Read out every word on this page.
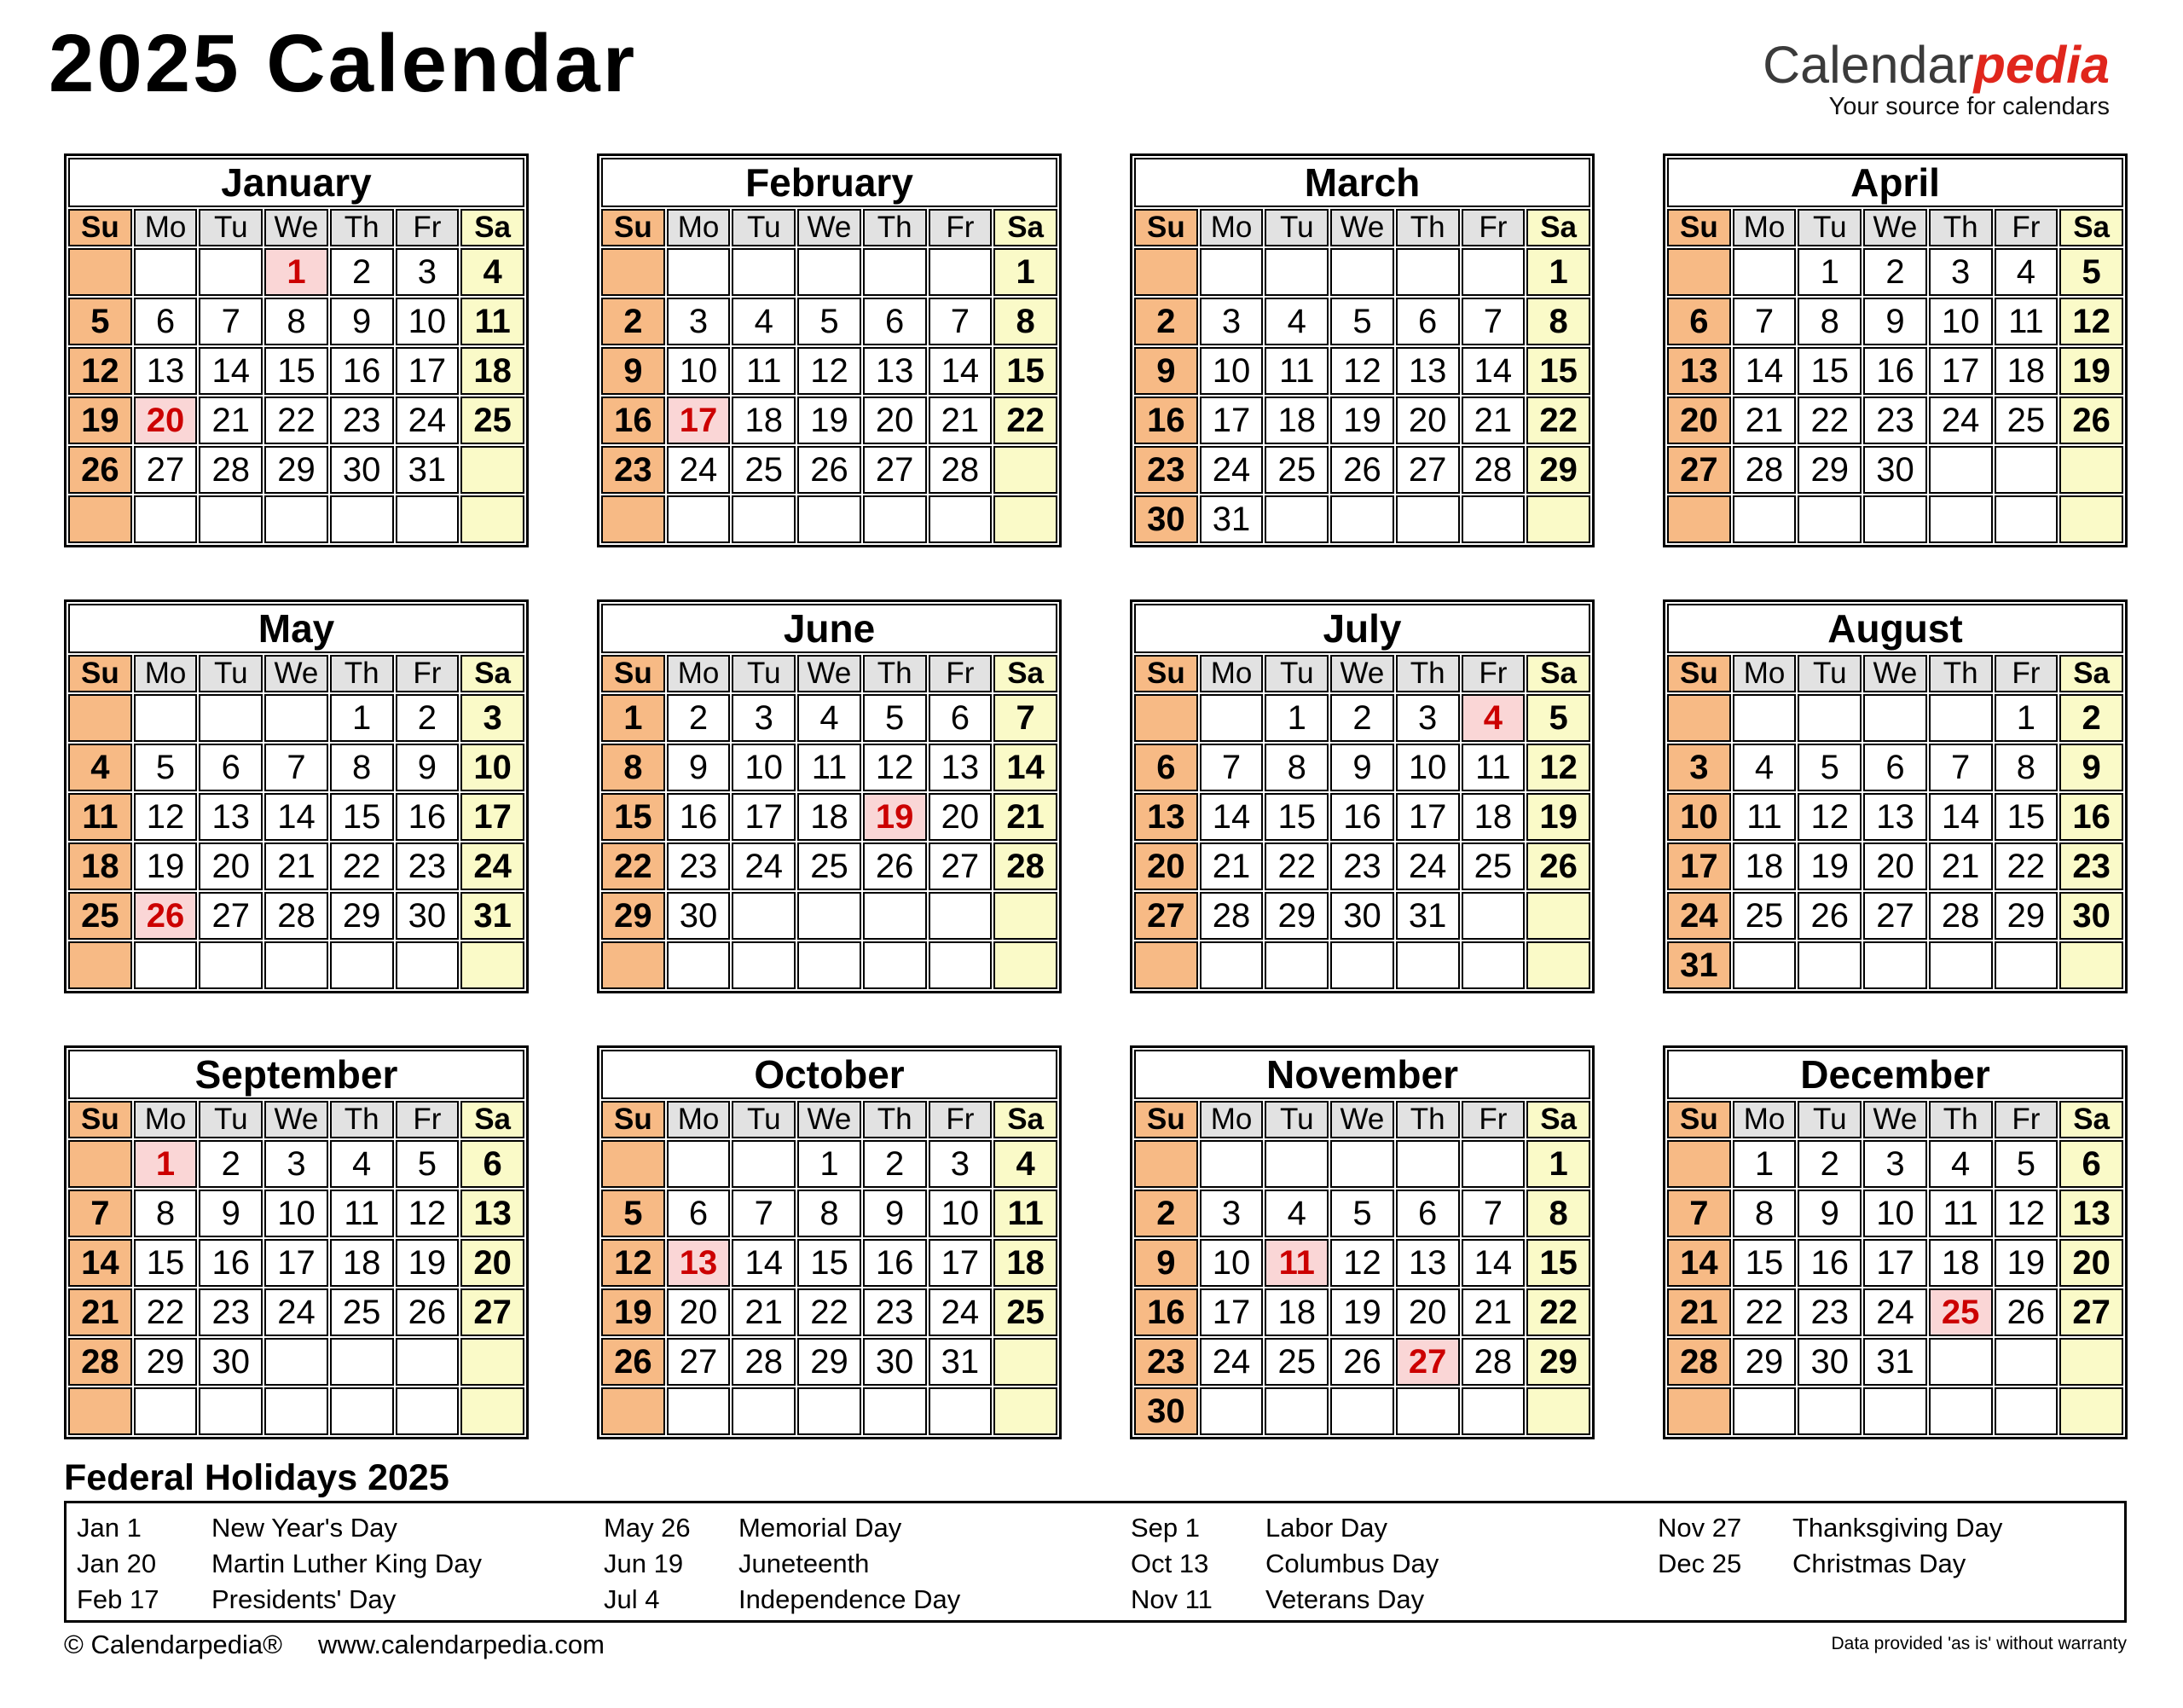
2025 Calendar	Calendarpedia
Your source for calendars
January						
Su	Mo	Tu	We	Th	Fr	Sa
			1	2	3	4
5	6	7	8	9	10	11
12	13	14	15	16	17	18
19	20	21	22	23	24	25
26	27	28	29	30	31	

February						
Su	Mo	Tu	We	Th	Fr	Sa
						1
2	3	4	5	6	7	8
9	10	11	12	13	14	15
16	17	18	19	20	21	22
23	24	25	26	27	28	

March						
Su	Mo	Tu	We	Th	Fr	Sa
						1
2	3	4	5	6	7	8
9	10	11	12	13	14	15
16	17	18	19	20	21	22
23	24	25	26	27	28	29
30	31					
April						
Su	Mo	Tu	We	Th	Fr	Sa
		1	2	3	4	5
6	7	8	9	10	11	12
13	14	15	16	17	18	19
20	21	22	23	24	25	26
27	28	29	30			

May						
Su	Mo	Tu	We	Th	Fr	Sa
				1	2	3
4	5	6	7	8	9	10
11	12	13	14	15	16	17
18	19	20	21	22	23	24
25	26	27	28	29	30	31

June						
Su	Mo	Tu	We	Th	Fr	Sa
1	2	3	4	5	6	7
8	9	10	11	12	13	14
15	16	17	18	19	20	21
22	23	24	25	26	27	28
29	30					

July						
Su	Mo	Tu	We	Th	Fr	Sa
		1	2	3	4	5
6	7	8	9	10	11	12
13	14	15	16	17	18	19
20	21	22	23	24	25	26
27	28	29	30	31		

August						
Su	Mo	Tu	We	Th	Fr	Sa
					1	2
3	4	5	6	7	8	9
10	11	12	13	14	15	16
17	18	19	20	21	22	23
24	25	26	27	28	29	30
31						
September						
Su	Mo	Tu	We	Th	Fr	Sa
	1	2	3	4	5	6
7	8	9	10	11	12	13
14	15	16	17	18	19	20
21	22	23	24	25	26	27
28	29	30				

October						
Su	Mo	Tu	We	Th	Fr	Sa
			1	2	3	4
5	6	7	8	9	10	11
12	13	14	15	16	17	18
19	20	21	22	23	24	25
26	27	28	29	30	31	

November						
Su	Mo	Tu	We	Th	Fr	Sa
						1
2	3	4	5	6	7	8
9	10	11	12	13	14	15
16	17	18	19	20	21	22
23	24	25	26	27	28	29
30						
December						
Su	Mo	Tu	We	Th	Fr	Sa
	1	2	3	4	5	6
7	8	9	10	11	12	13
14	15	16	17	18	19	20
21	22	23	24	25	26	27
28	29	30	31			

Federal Holidays 2025
Jan 1	New Year's Day
Jan 20	Martin Luther King Day
Feb 17	Presidents' Day
May 26	Memorial Day
Jun 19	Juneteenth
Jul 4	Independence Day
Sep 1	Labor Day
Oct 13	Columbus Day
Nov 11	Veterans Day
Nov 27	Thanksgiving Day
Dec 25	Christmas Day
© Calendarpedia® www.calendarpedia.com	Data provided 'as is' without warranty
